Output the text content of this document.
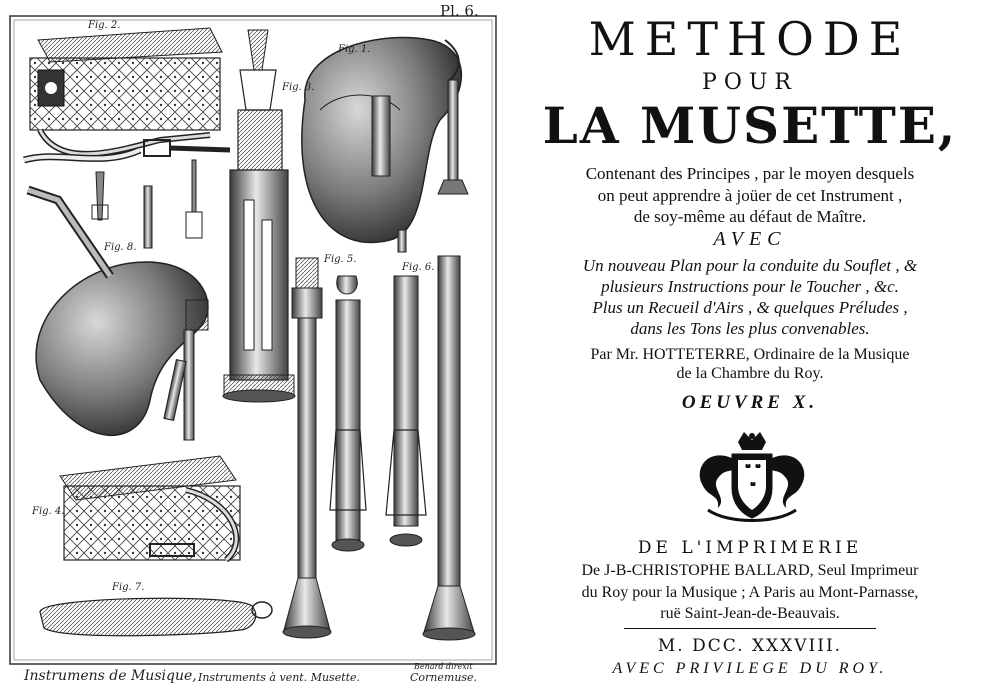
Pl. 6.
Fig. 2.
Fig. 1.
Fig. 3.
Fig. 8.
Fig. 5.
Fig. 6.
Fig. 4.
Fig. 7.
Benard direxit
Instrumens de Musique, Instruments à vent. Musette.	Cornemuse.
METHODE
POUR
LA MUSETTE,
Contenant des Principes , par le moyen desquels
on peut apprendre à joüer de cet Instrument ,
de soy-même au défaut de Maître.
AVEC
Un nouveau Plan pour la conduite du Souflet , &
plusieurs Instructions pour le Toucher , &c.
Plus un Recueil d'Airs , & quelques Préludes ,
dans les Tons les plus convenables.
Par Mr. HOTTETERRE, Ordinaire de la Musique
de la Chambre du Roy.
OEUVRE X.
DE L'IMPRIMERIE
De J-B-CHRISTOPHE BALLARD, Seul Imprimeur
du Roy pour la Musique ; A Paris au Mont-Parnasse,
ruë Saint-Jean-de-Beauvais.
M. DCC. XXXVIII.
AVEC PRIVILEGE DU ROY.
